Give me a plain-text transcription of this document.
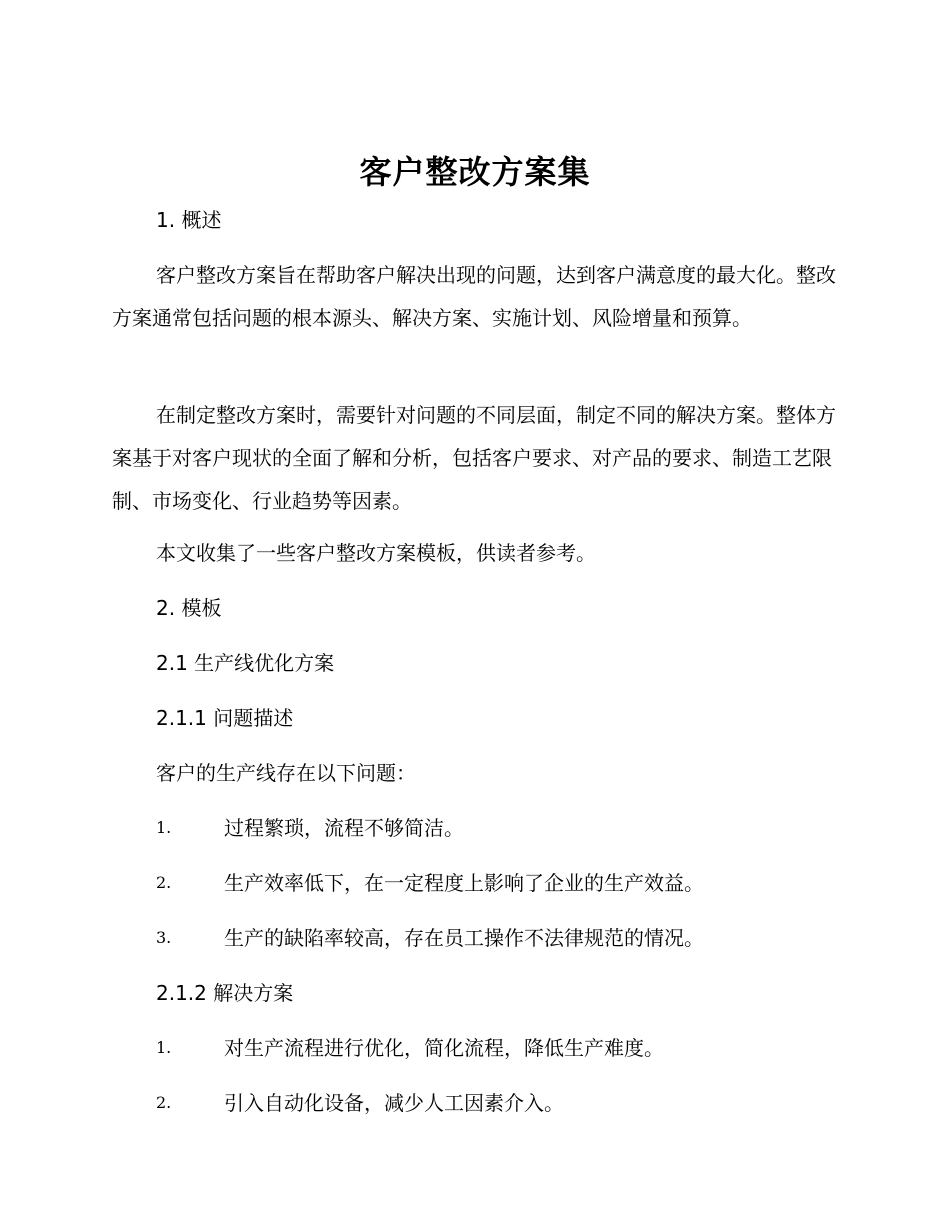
客户整改方案集
1. 概述

客户整改方案旨在帮助客户解决出现的问题，达到客户满意度的最大化。整改方案通常包括问题的根本源头、解决方案、实施计划、风险增量和预算。

在制定整改方案时，需要针对问题的不同层面，制定不同的解决方案。整体方案基于对客户现状的全面了解和分析，包括客户要求、对产品的要求、制造工艺限制、市场变化、行业趋势等因素。

本文收集了一些客户整改方案模板，供读者参考。

2. 模板
2.1 生产线优化方案
2.1.1 问题描述
客户的生产线存在以下问题：
1.	过程繁琐，流程不够简洁。
2.	生产效率低下，在一定程度上影响了企业的生产效益。
3.	生产的缺陷率较高，存在员工操作不法律规范的情况。
2.1.2 解决方案
1.	对生产流程进行优化，简化流程，降低生产难度。
2.	引入自动化设备，减少人工因素介入。
